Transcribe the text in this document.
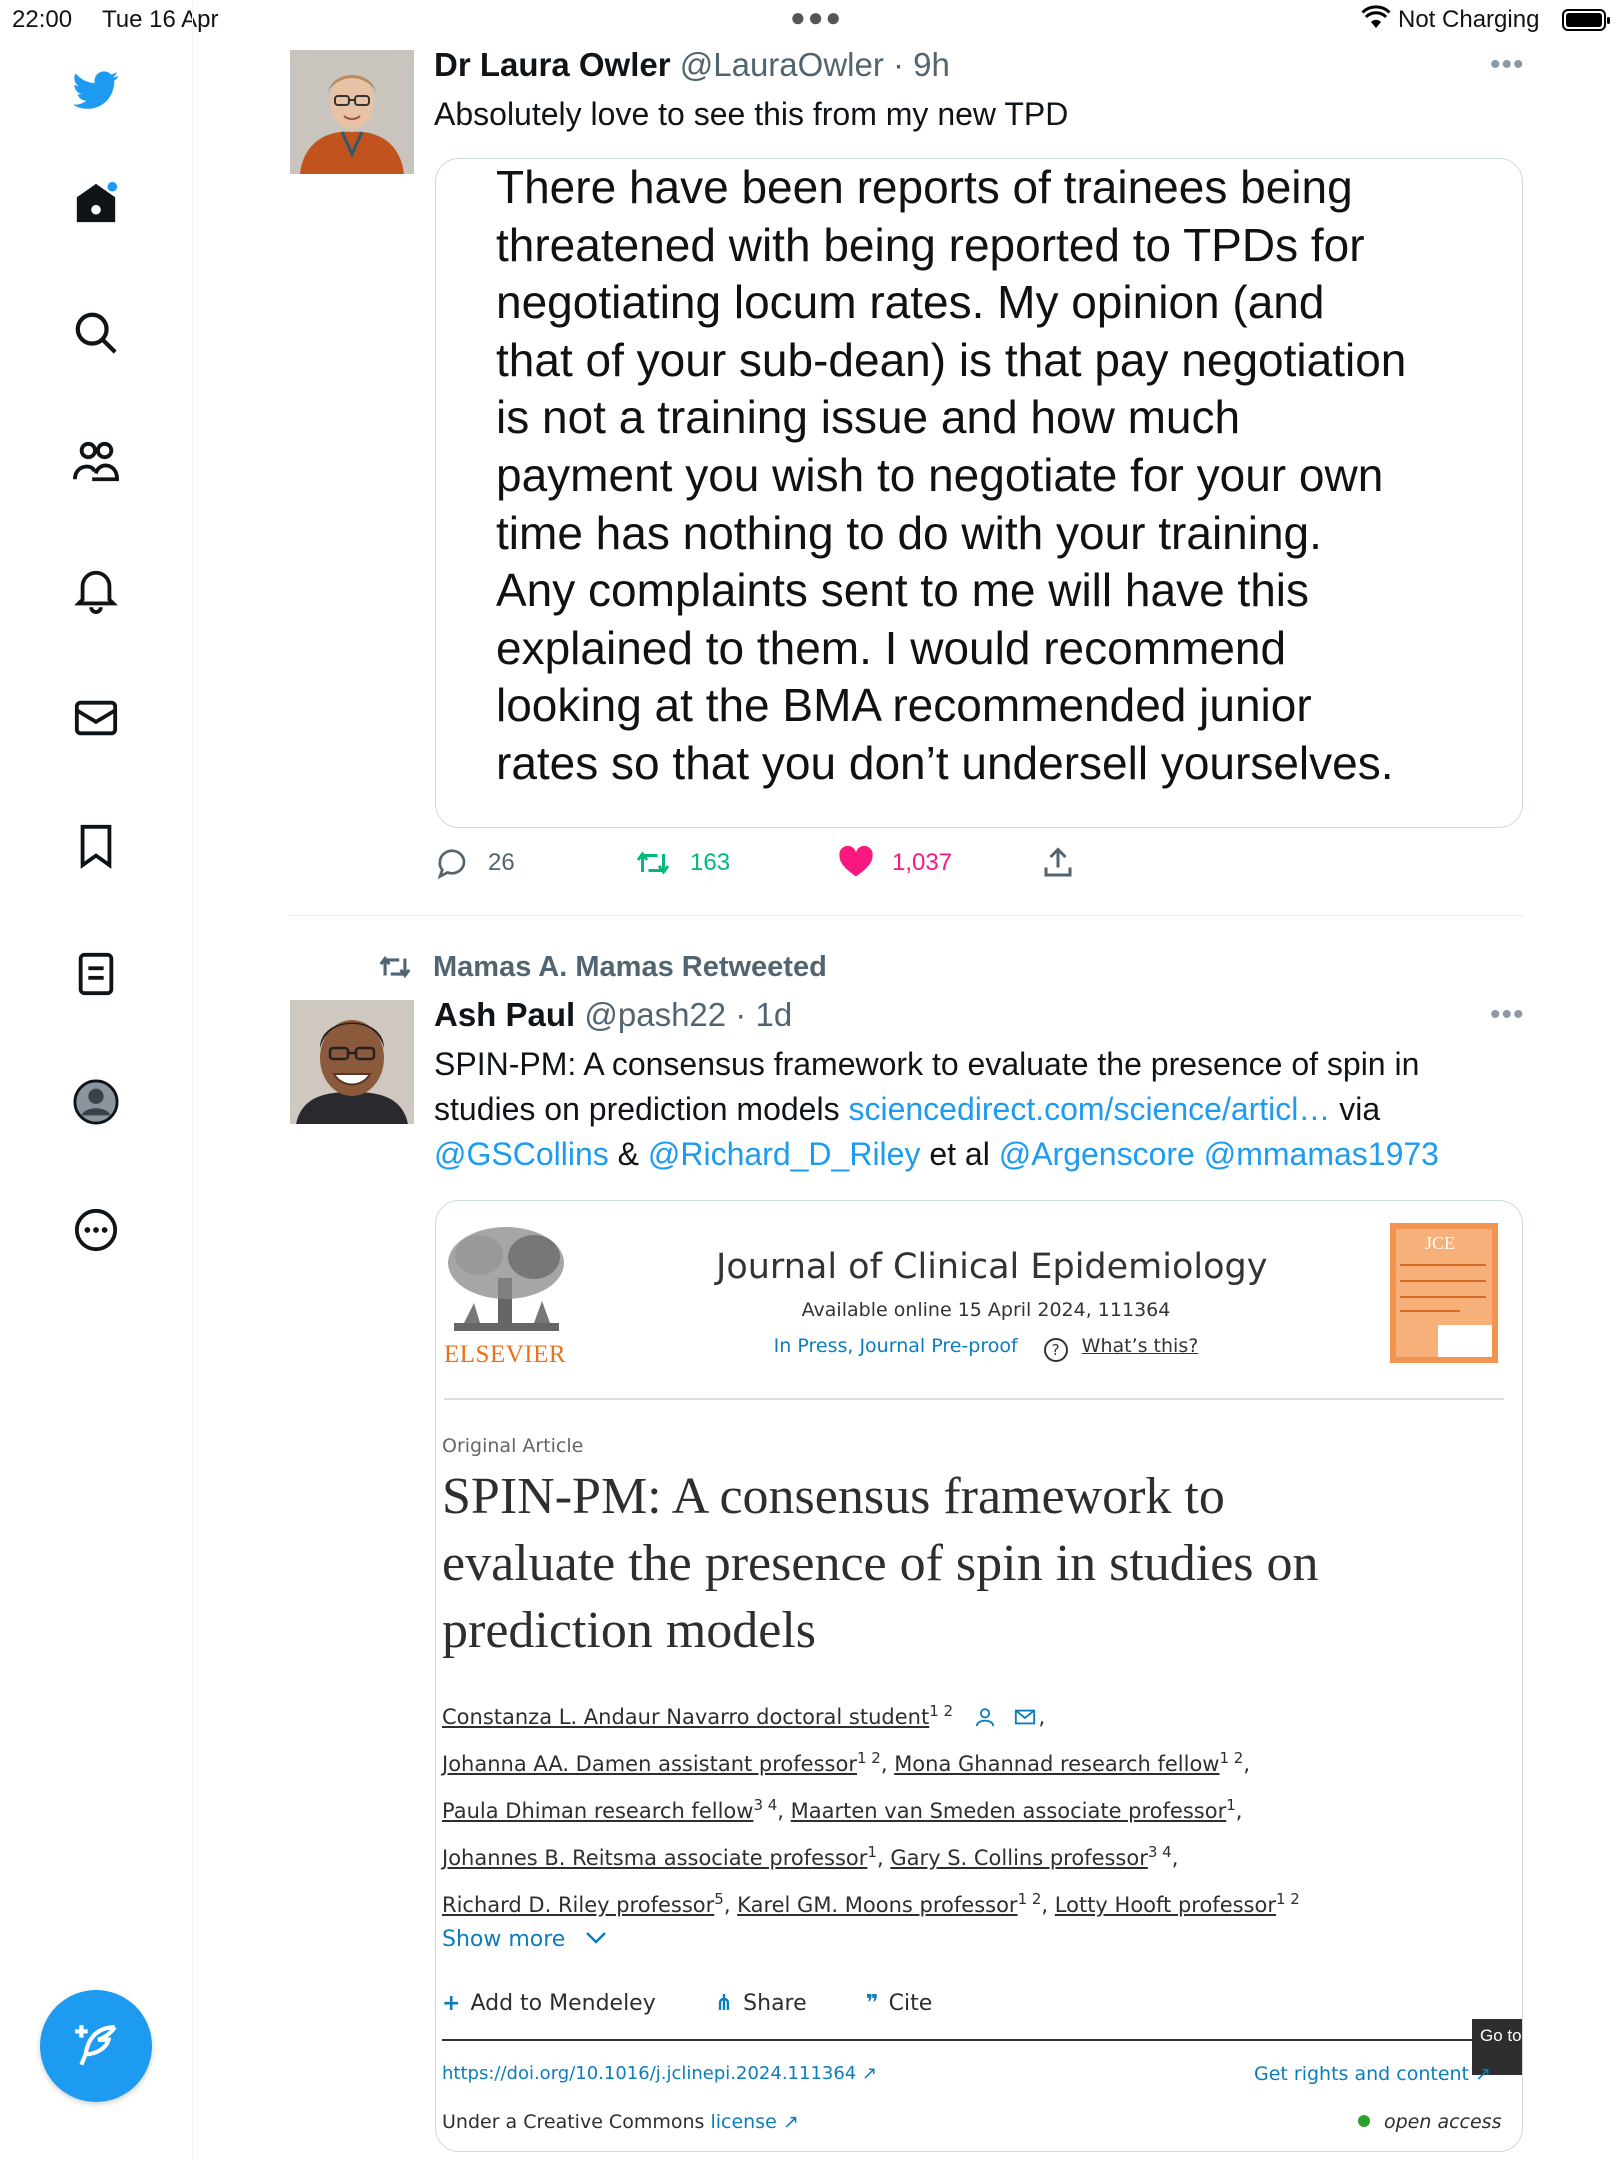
22:00 Tue 16 Apr	●●●	Not Charging
Dr Laura Owler @LauraOwler · 9h	•••
Absolutely love to see this from my new TPD
There have been reports of trainees being
threatened with being reported to TPDs for
negotiating locum rates. My opinion (and
that of your sub-dean) is that pay negotiation
is not a training issue and how much
payment you wish to negotiate for your own
time has nothing to do with your training.
Any complaints sent to me will have this
explained to them. I would recommend
looking at the BMA recommended junior
rates so that you don’t undersell yourselves.
26	163	1,037
Mamas A. Mamas Retweeted
Ash Paul @pash22 · 1d	•••
SPIN-PM: A consensus framework to evaluate the presence of spin in
studies on prediction models sciencedirect.com/science/articl… via
@GSCollins & @Richard_D_Riley et al @Argenscore @mmamas1973
ELSEVIER
Journal of Clinical Epidemiology
Available online 15 April 2024, 111364
In Press, Journal Pre-proof ? What’s this?
JCE
Original Article
SPIN-PM: A consensus framework to
evaluate the presence of spin in studies on
prediction models
Constanza L. Andaur Navarro doctoral student$^{1 2}$	,
Johanna AA. Damen assistant professor$^{1 2}$, Mona Ghannad research fellow$^{1 2}$,
Paula Dhiman research fellow$^{3 4}$, Maarten van Smeden associate professor$^1$,
Johannes B. Reitsma associate professor$^1$, Gary S. Collins professor$^{3 4}$,
Richard D. Riley professor$^5$, Karel GM. Moons professor$^{1 2}$, Lotty Hooft professor$^{1 2}$
Show more
+ Add to Mendeley	⋔ Share	❞ Cite
Go to Scien
https://doi.org/10.1016/j.jclinepi.2024.111364 ↗	Get rights and content ↗
Under a Creative Commons license ↗	open access
